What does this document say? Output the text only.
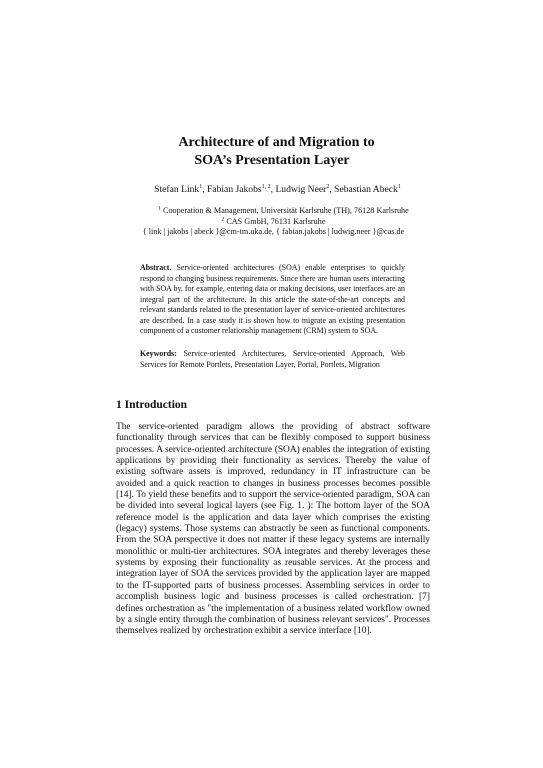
Architecture of and Migration to
SOA’s Presentation Layer
Stefan Link$^1$, Fabian Jakobs$^{1, 2}$, Ludwig Neer$^2$, Sebastian Abeck$^1$
$^1$ Cooperation & Management, Universität Karlsruhe (TH), 76128 Karlsruhe
$^2$ CAS GmbH, 76131 Karlsruhe
{ link | jakobs | abeck }@cm-tm.uka.de, { fabian.jakobs | ludwig.neer }@cas.de
Abstract. Service-oriented architectures (SOA) enable enterprises to quickly respond to changing business requirements. Since there are human users interacting with SOA by, for example, entering data or making decisions, user interfaces are an integral part of the architecture. In this article the state-of-the-art concepts and relevant standards related to the presentation layer of service-oriented architectures are described. In a case study it is shown how to migrate an existing presentation component of a customer relationship management (CRM) system to SOA.
Keywords: Service-oriented Architectures, Service-oriented Approach, Web Services for Remote Portlets, Presentation Layer, Portal, Portlets, Migration
1 Introduction
The service-oriented paradigm allows the providing of abstract software functionality through services that can be flexibly composed to support business processes. A service-oriented architecture (SOA) enables the integration of existing applications by providing their functionality as services. Thereby the value of existing software assets is improved, redundancy in IT infrastructure can be avoided and a quick reaction to changes in business processes becomes possible [14]. To yield these benefits and to support the service-oriented paradigm, SOA can be divided into several logical layers (see Fig. 1. ): The bottom layer of the SOA reference model is the application and data layer which comprises the existing (legacy) systems. Those systems can abstractly be seen as functional components. From the SOA perspective it does not matter if these legacy systems are internally monolithic or multi-tier architectures. SOA integrates and thereby leverages these systems by exposing their functionality as reusable services. At the process and integration layer of SOA the services provided by the application layer are mapped to the IT-supported parts of business processes. Assembling services in order to accomplish business logic and business processes is called orchestration. [7] defines orchestration as "the implementation of a business related workflow owned by a single entity through the combination of business relevant services". Processes themselves realized by orchestration exhibit a service interface [10].
